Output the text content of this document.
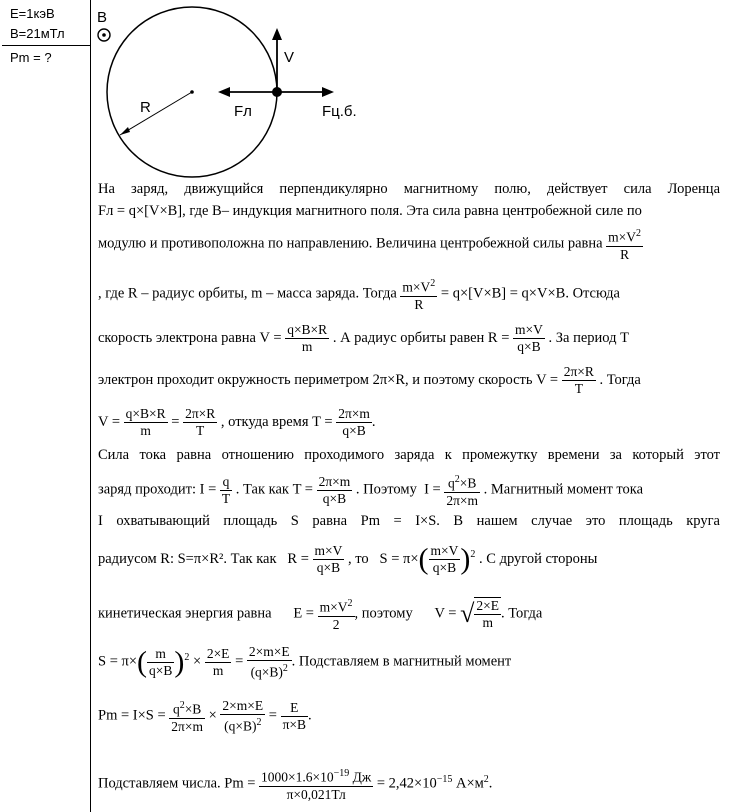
E=1кэВ
B=21мТл
Pm = ?
B
R
V
Fл	Fц.б.
На заряд, движущийся перпендикулярно магнитному полю, действует сила Лоренца
Fл = q×[V×B], где B– индукция магнитного поля. Эта сила равна центробежной силе по
модулю и противоположна по направлению. Величина центробежной силы равна $\frac{m\times V^2}{R}$
, где R – радиус орбиты, m – масса заряда. Тогда $\frac{m\times V^2}{R} = q\times[V\times B] = q\times V\times B$. Отсюда
скорость электрона равна $V = \frac{q\times B\times R}{m}$ . А радиус орбиты равен $R = \frac{m\times V}{q\times B}$ . За период T
электрон проходит окружность периметром 2π×R, и поэтому скорость $V = \frac{2\pi\times R}{T}$ . Тогда
$V = \frac{q\times B\times R}{m} = \frac{2\pi\times R}{T}$ , откуда время $T = \frac{2\pi\times m}{q\times B}$ .
Сила тока равна отношению проходимого заряда к промежутку времени за который этот
заряд проходит: $I = \frac{q}{T}$ . Так как $T = \frac{2\pi\times m}{q\times B}$ . Поэтому $I = \frac{q^2\times B}{2\pi\times m}$ . Магнитный момент тока
I охватывающий площадь S равна Pm = I×S. В нашем случае это площадь круга
радиусом R: S=π×R². Так как $R = \frac{m\times V}{q\times B}$ , то $S = \pi\times( \frac{m\times V}{q\times B} )^2$ . С другой стороны
кинетическая энергия равна $E = \frac{m\times V^2}{2}$ , поэтому V = √ $\frac{2\times E}{m}$ . Тогда
$S = \pi\times( \frac{m}{q\times B} )^2 \times \frac{2\times E}{m} = \frac{2\times m\times E}{(q\times B)^2}$ . Подставляем в магнитный момент
$Pm = I\times S = \frac{q^2\times B}{2\pi\times m} \times \frac{2\times m\times E}{(q\times B)^2} = \frac{E}{\pi\times B}$ .
Подставляем числа. $Pm = \frac{1000\times 1.6\times 10^{-19} Дж}{\pi\times 0,021Тл} = 2,42\times 10^{-15}$ $А\times м^2$.
